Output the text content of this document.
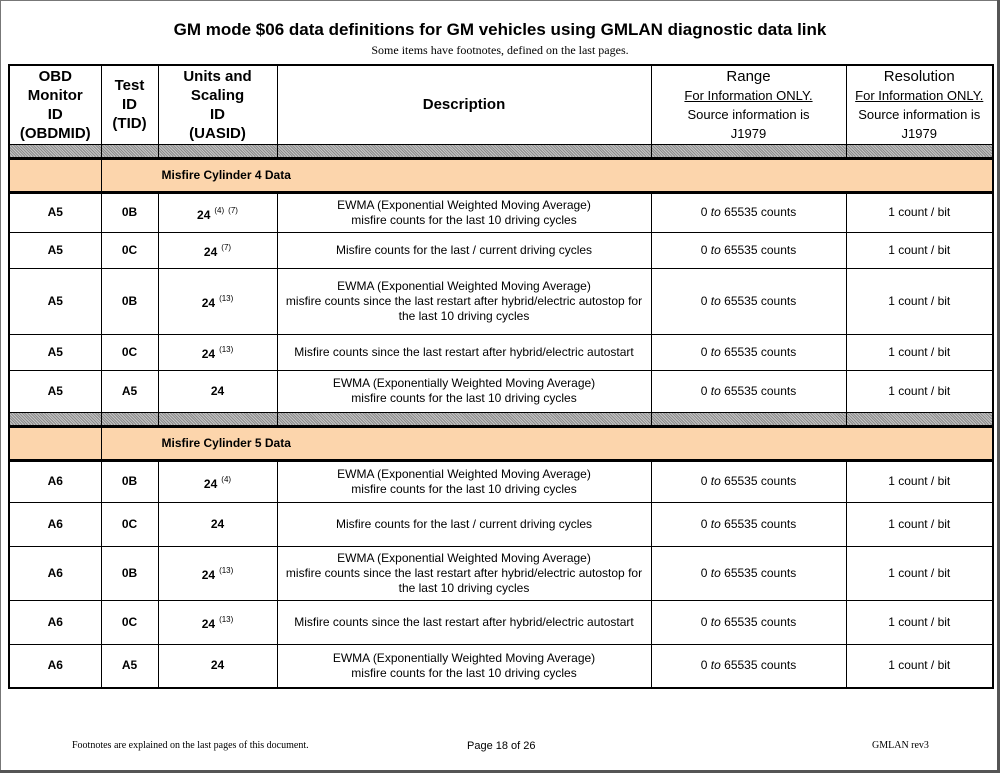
GM mode $06 data definitions for GM vehicles using GMLAN diagnostic data link
Some items have footnotes, defined on the last pages.
OBD
Monitor
ID
(OBDMID)	Test
ID
(TID)	Units and
Scaling
ID
(UASID)	Description	Range
For Information ONLY.
Source information is
J1979	Resolution
For Information ONLY.
Source information is
J1979

	Misfire Cylinder 4 Data				
A5	0B	24 $^{(4)}$ $^{(7)}$	EWMA (Exponential Weighted Moving Average)
misfire counts for the last 10 driving cycles	0 to 65535 counts	1 count / bit
A5	0C	24 $^{(7)}$	Misfire counts for the last / current driving cycles	0 to 65535 counts	1 count / bit
A5	0B	24 $^{(13)}$	EWMA (Exponential Weighted Moving Average)
misfire counts since the last restart after hybrid/electric autostop for
the last 10 driving cycles	0 to 65535 counts	1 count / bit
A5	0C	24 $^{(13)}$	Misfire counts since the last restart after hybrid/electric autostart	0 to 65535 counts	1 count / bit
A5	A5	24	EWMA (Exponentially Weighted Moving Average)
misfire counts for the last 10 driving cycles	0 to 65535 counts	1 count / bit

	Misfire Cylinder 5 Data				
A6	0B	24 $^{(4)}$	EWMA (Exponential Weighted Moving Average)
misfire counts for the last 10 driving cycles	0 to 65535 counts	1 count / bit
A6	0C	24	Misfire counts for the last / current driving cycles	0 to 65535 counts	1 count / bit
A6	0B	24 $^{(13)}$	EWMA (Exponential Weighted Moving Average)
misfire counts since the last restart after hybrid/electric autostop for
the last 10 driving cycles	0 to 65535 counts	1 count / bit
A6	0C	24 $^{(13)}$	Misfire counts since the last restart after hybrid/electric autostart	0 to 65535 counts	1 count / bit
A6	A5	24	EWMA (Exponentially Weighted Moving Average)
misfire counts for the last 10 driving cycles	0 to 65535 counts	1 count / bit
Footnotes are explained on the last pages of this document.	Page 18 of 26	GMLAN rev3
